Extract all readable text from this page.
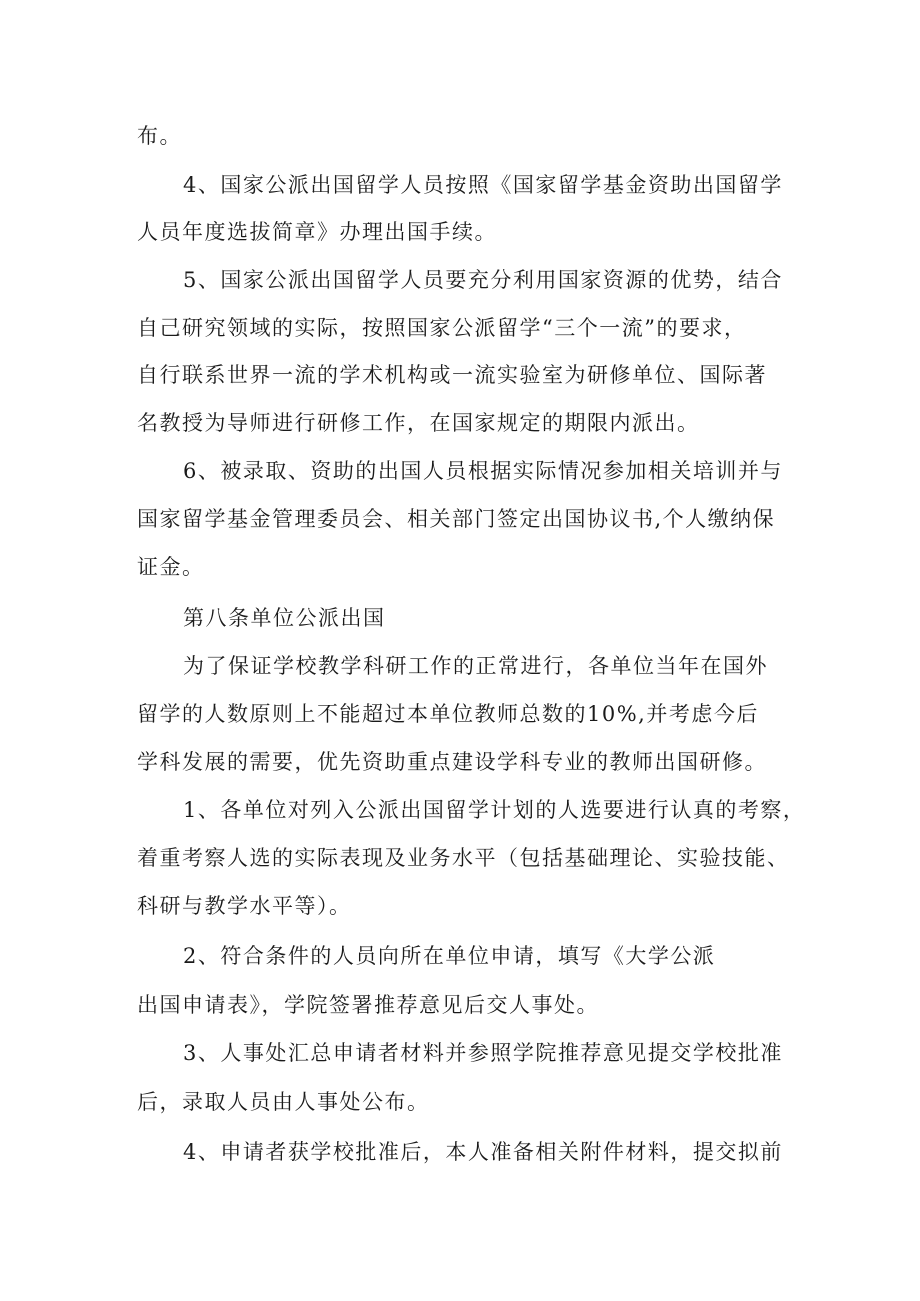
布。

4、国家公派出国留学人员按照《国家留学基金资助出国留学

人员年度选拔简章》办理出国手续。

5、国家公派出国留学人员要充分利用国家资源的优势，结合

自己研究领域的实际，按照国家公派留学“三个一流”的要求，

自行联系世界一流的学术机构或一流实验室为研修单位、国际著

名教授为导师进行研修工作，在国家规定的期限内派出。

6、被录取、资助的出国人员根据实际情况参加相关培训并与

国家留学基金管理委员会、相关部门签定出国协议书,个人缴纳保

证金。

第八条单位公派出国

为了保证学校教学科研工作的正常进行，各单位当年在国外

留学的人数原则上不能超过本单位教师总数的10%,并考虑今后

学科发展的需要，优先资助重点建设学科专业的教师出国研修。

1、各单位对列入公派出国留学计划的人选要进行认真的考察，

着重考察人选的实际表现及业务水平（包括基础理论、实验技能、

科研与教学水平等）。

2、符合条件的人员向所在单位申请，填写《大学公派

出国申请表》，学院签署推荐意见后交人事处。

3、人事处汇总申请者材料并参照学院推荐意见提交学校批准

后，录取人员由人事处公布。

4、申请者获学校批准后，本人准备相关附件材料，提交拟前
